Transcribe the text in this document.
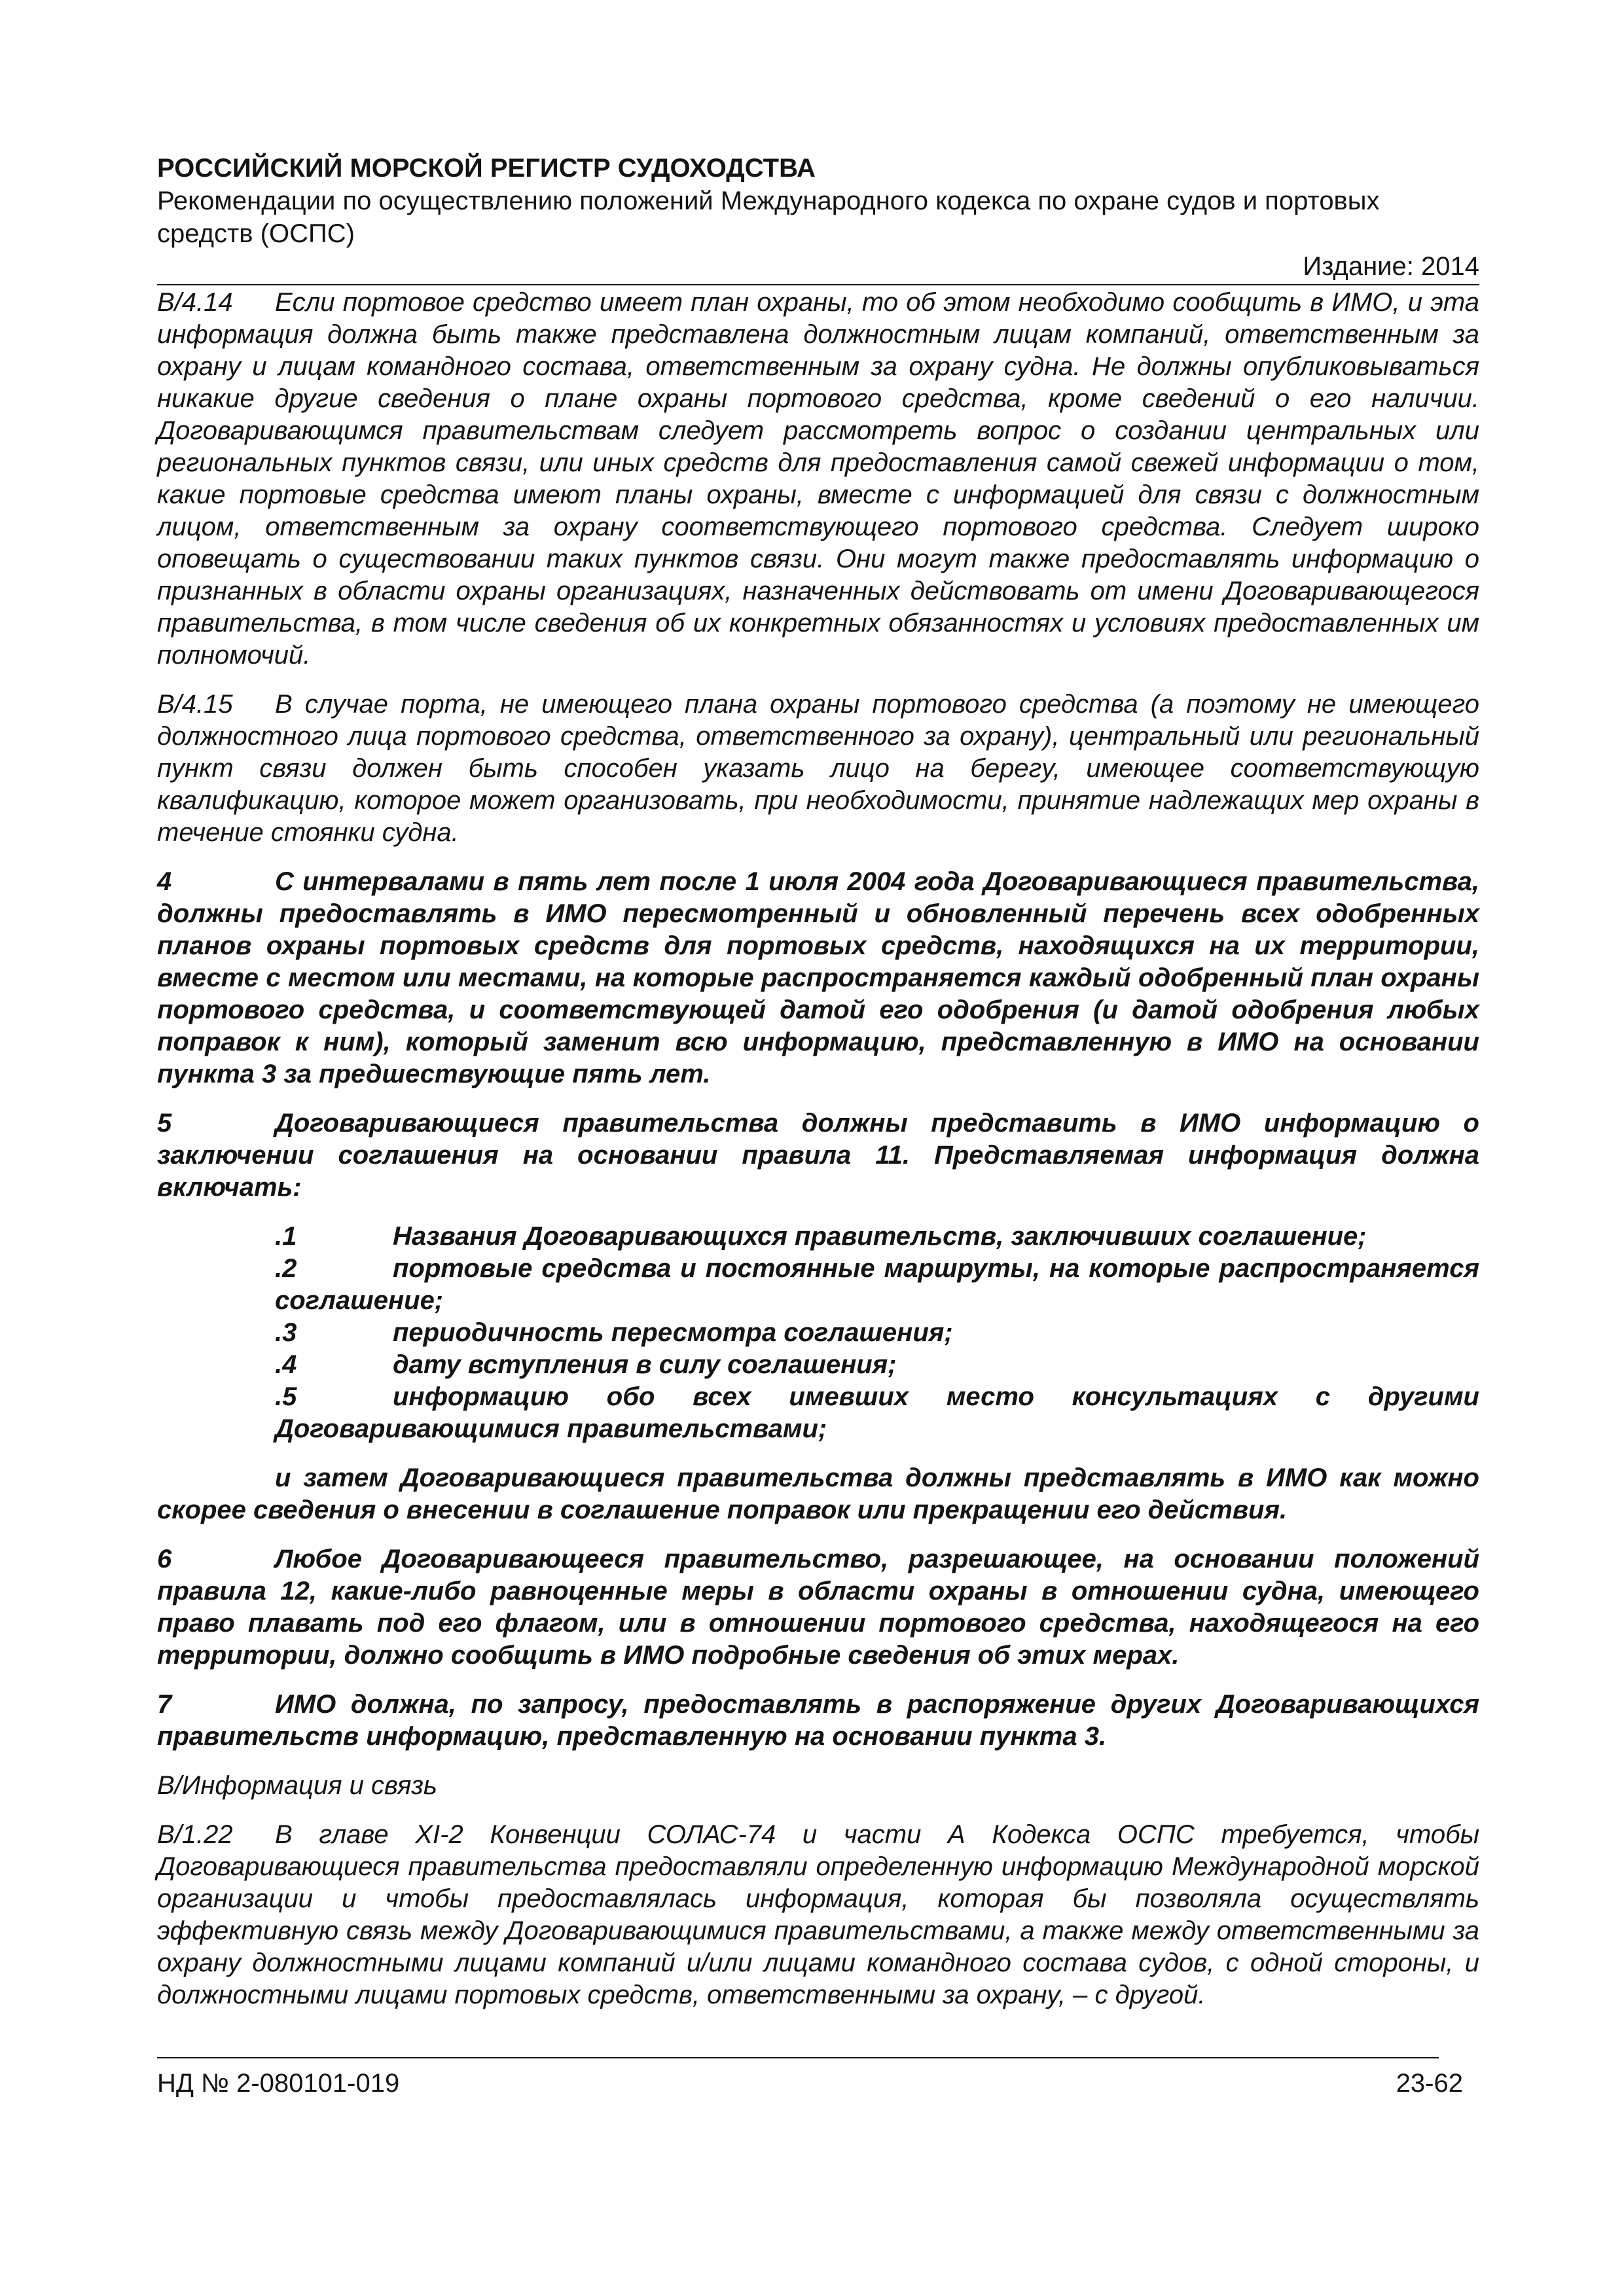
РОССИЙСКИЙ МОРСКОЙ РЕГИСТР СУДОХОДСТВА
Рекомендации по осуществлению положений Международного кодекса по охране судов и портовых средств (ОСПС)
Издание: 2014

B/4.14 Если портовое средство имеет план охраны, то об этом необходимо сообщить в ИМО, и эта информация должна быть также представлена должностным лицам компаний, ответственным за охрану и лицам командного состава, ответственным за охрану судна. Не должны опубликовываться никакие другие сведения о плане охраны портового средства, кроме сведений о его наличии. Договаривающимся правительствам следует рассмотреть вопрос о создании центральных или региональных пунктов связи, или иных средств для предоставления самой свежей информации о том, какие портовые средства имеют планы охраны, вместе с информацией для связи с должностным лицом, ответственным за охрану соответствующего портового средства. Следует широко оповещать о существовании таких пунктов связи. Они могут также предоставлять информацию о признанных в области охраны организациях, назначенных действовать от имени Договаривающегося правительства, в том числе сведения об их конкретных обязанностях и условиях предоставленных им полномочий.

B/4.15 В случае порта, не имеющего плана охраны портового средства (а поэтому не имеющего должностного лица портового средства, ответственного за охрану), центральный или региональный пункт связи должен быть способен указать лицо на берегу, имеющее соответствующую квалификацию, которое может организовать, при необходимости, принятие надлежащих мер охраны в течение стоянки судна.

4	С интервалами в пять лет после 1 июля 2004 года Договаривающиеся правительства, должны предоставлять в ИМО пересмотренный и обновленный перечень всех одобренных планов охраны портовых средств для портовых средств, находящихся на их территории, вместе с местом или местами, на которые распространяется каждый одобренный план охраны портового средства, и соответствующей датой его одобрения (и датой одобрения любых поправок к ним), который заменит всю информацию, представленную в ИМО на основании пункта 3 за предшествующие пять лет.

5	Договаривающиеся правительства должны представить в ИМО информацию о заключении соглашения на основании правила 11. Представляемая информация должна включать:

.1	Названия Договаривающихся правительств, заключивших соглашение;
.2	портовые средства и постоянные маршруты, на которые распространяется соглашение;
.3	периодичность пересмотра соглашения;
.4	дату вступления в силу соглашения;
.5	информацию обо всех имевших место консультациях с другими Договаривающимися правительствами;

и затем Договаривающиеся правительства должны представлять в ИМО как можно скорее сведения о внесении в соглашение поправок или прекращении его действия.

6	Любое Договаривающееся правительство, разрешающее, на основании положений правила 12, какие-либо равноценные меры в области охраны в отношении судна, имеющего право плавать под его флагом, или в отношении портового средства, находящегося на его территории, должно сообщить в ИМО подробные сведения об этих мерах.

7	ИМО должна, по запросу, предоставлять в распоряжение других Договаривающихся правительств информацию, представленную на основании пункта 3.

B/Информация и связь

B/1.22 В главе XI-2 Конвенции СОЛАС-74 и части А Кодекса ОСПС требуется, чтобы Договаривающиеся правительства предоставляли определенную информацию Международной морской организации и чтобы предоставлялась информация, которая бы позволяла осуществлять эффективную связь между Договаривающимися правительствами, а также между ответственными за охрану должностными лицами компаний и/или лицами командного состава судов, с одной стороны, и должностными лицами портовых средств, ответственными за охрану, – с другой.

НД № 2-080101-019	23-62
